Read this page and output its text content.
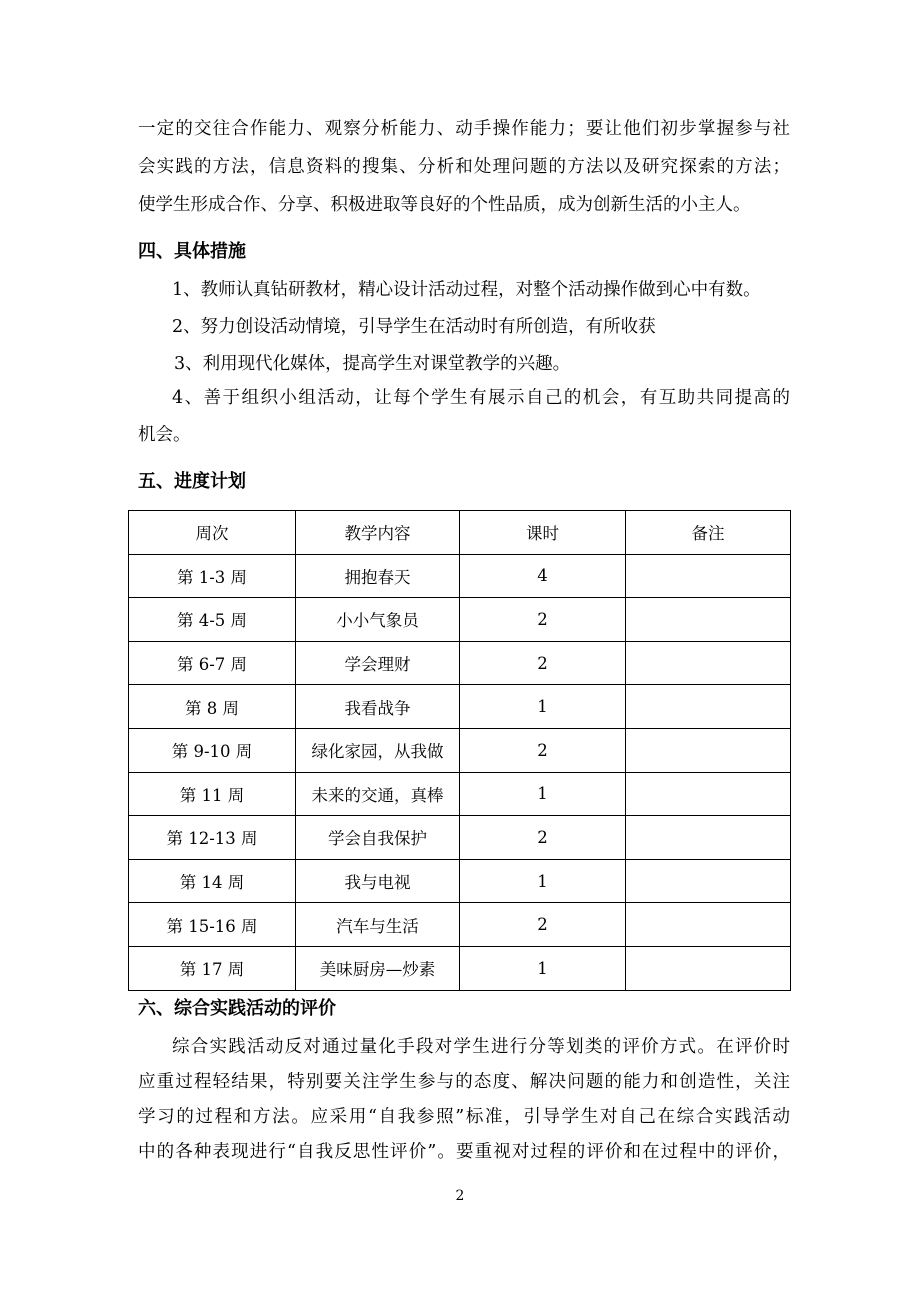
一定的交往合作能力、观察分析能力、动手操作能力；要让他们初步掌握参与社
会实践的方法，信息资料的搜集、分析和处理问题的方法以及研究探索的方法；
使学生形成合作、分享、积极进取等良好的个性品质，成为创新生活的小主人。
四、具体措施
1、教师认真钻研教材，精心设计活动过程，对整个活动操作做到心中有数。
2、努力创设活动情境，引导学生在活动时有所创造，有所收获
3、利用现代化媒体，提高学生对课堂教学的兴趣。
4、善于组织小组活动，让每个学生有展示自己的机会，有互助共同提高的
机会。
五、进度计划
周次	教学内容	课时	备注
第 1-3 周	拥抱春天	4	
第 4-5 周	小小气象员	2	
第 6-7 周	学会理财	2	
第 8 周	我看战争	1	
第 9-10 周	绿化家园，从我做	2	
第 11 周	未来的交通，真棒	1	
第 12-13 周	学会自我保护	2	
第 14 周	我与电视	1	
第 15-16 周	汽车与生活	2	
第 17 周	美味厨房—炒素	1	
六、综合实践活动的评价
综合实践活动反对通过量化手段对学生进行分等划类的评价方式。在评价时
应重过程轻结果，特别要关注学生参与的态度、解决问题的能力和创造性，关注
学习的过程和方法。应采用“自我参照”标准，引导学生对自己在综合实践活动
中的各种表现进行“自我反思性评价”。要重视对过程的评价和在过程中的评价，
2
